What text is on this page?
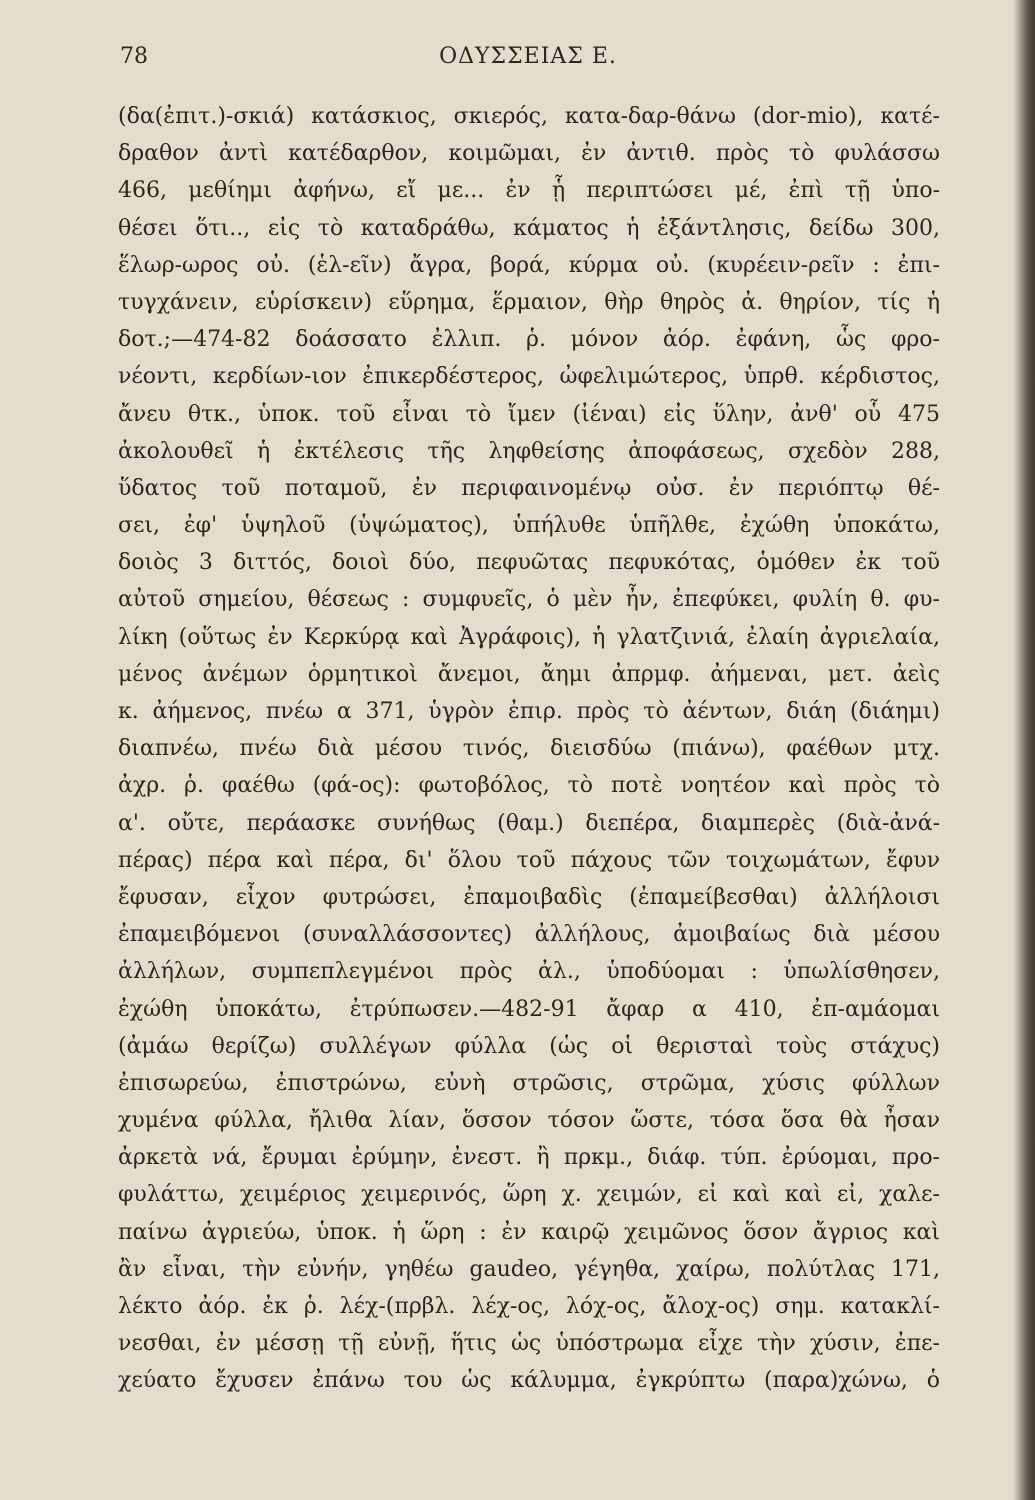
78	ΟΔΥΣΣΕΙΑΣ Ε.
(δα(ἐπιτ.)-σκιά) κατάσκιος, σκιερός, κατα-δαρ-θάνω (dor-mio), κατέ-
δραθον ἀντὶ κατέδαρθον, κοιμῶμαι, ἐν ἀντιθ. πρὸς τὸ φυλάσσω
466, μεθίημι ἀφήνω, εἴ με... ἐν ᾗ περιπτώσει μέ, ἐπὶ τῇ ὑπο-
θέσει ὅτι.., εἰς τὸ καταδράθω, κάματος ἡ ἐξάντλησις, δείδω 300,
ἕλωρ-ωρος οὐ. (ἑλ-εῖν) ἄγρα, βορά, κύρμα οὐ. (κυρέειν-ρεῖν : ἐπι-
τυγχάνειν, εὑρίσκειν) εὕρημα, ἕρμαιον, θὴρ θηρὸς ἀ. θηρίον, τίς ἡ
δοτ.;—474-82 δοάσσατο ἐλλιπ. ῥ. μόνον ἀόρ. ἐφάνη, ὧς φρο-
νέοντι, κερδίων-ιον ἐπικερδέστερος, ὠφελιμώτερος, ὑπρθ. κέρδιστος,
ἄνευ θτκ., ὑποκ. τοῦ εἶναι τὸ ἴμεν (ἰέναι) εἰς ὕλην, ἀνθ' οὗ 475
ἀκολουθεῖ ἡ ἐκτέλεσις τῆς ληφθείσης ἀποφάσεως, σχεδὸν 288,
ὕδατος τοῦ ποταμοῦ, ἐν περιφαινομένῳ οὐσ. ἐν περιόπτῳ θέ-
σει, ἐφ' ὑψηλοῦ (ὑψώματος), ὑπήλυθε ὑπῆλθε, ἐχώθη ὑποκάτω,
δοιὸς 3 διττός, δοιοὶ δύο, πεφυῶτας πεφυκότας, ὁμόθεν ἐκ τοῦ
αὐτοῦ σημείου, θέσεως : συμφυεῖς, ὁ μὲν ἦν, ἐπεφύκει, φυλίη θ. φυ-
λίκη (οὕτως ἐν Κερκύρᾳ καὶ Ἀγράφοις), ἡ γλατζινιά, ἐλαίη ἀγριελαία,
μένος ἀνέμων ὁρμητικοὶ ἄνεμοι, ἄημι ἀπρμφ. ἀήμεναι, μετ. ἀεὶς
κ. ἀήμενος, πνέω α 371, ὑγρὸν ἐπιρ. πρὸς τὸ ἀέντων, διάη (διάημι)
διαπνέω, πνέω διὰ μέσου τινός, διεισδύω (πιάνω), φαέθων μτχ.
ἀχρ. ῥ. φαέθω (φά-ος): φωτοβόλος, τὸ ποτὲ νοητέον καὶ πρὸς τὸ
α'. οὔτε, περάασκε συνήθως (θαμ.) διεπέρα, διαμπερὲς (διὰ-ἀνά-
πέρας) πέρα καὶ πέρα, δι' ὅλου τοῦ πάχους τῶν τοιχωμάτων, ἔφυν
ἔφυσαν, εἶχον φυτρώσει, ἐπαμοιβαδὶς (ἐπαμείβεσθαι) ἀλλήλοισι
ἐπαμειβόμενοι (συναλλάσσοντες) ἀλλήλους, ἀμοιβαίως διὰ μέσου
ἀλλήλων, συμπεπλεγμένοι πρὸς ἀλ., ὑποδύομαι : ὑπωλίσθησεν,
ἐχώθη ὑποκάτω, ἐτρύπωσεν.—482-91 ἄφαρ α 410, ἐπ-αμάομαι
(ἀμάω θερίζω) συλλέγων φύλλα (ὡς οἱ θερισταὶ τοὺς στάχυς)
ἐπισωρεύω, ἐπιστρώνω, εὐνὴ στρῶσις, στρῶμα, χύσις φύλλων
χυμένα φύλλα, ἤλιθα λίαν, ὅσσον τόσον ὥστε, τόσα ὅσα θὰ ἦσαν
ἀρκετὰ νά, ἔρυμαι ἐρύμην, ἐνεστ. ἢ πρκμ., διάφ. τύπ. ἐρύομαι, προ-
φυλάττω, χειμέριος χειμερινός, ὥρη χ. χειμών, εἰ καὶ καὶ εἰ, χαλε-
παίνω ἀγριεύω, ὑποκ. ἡ ὥρη : ἐν καιρῷ χειμῶνος ὅσον ἄγριος καὶ
ἂν εἶναι, τὴν εὐνήν, γηθέω gaudeo, γέγηθα, χαίρω, πολύτλας 171,
λέκτο ἀόρ. ἐκ ῥ. λέχ-(πρβλ. λέχ-ος, λόχ-ος, ἄλοχ-ος) σημ. κατακλί-
νεσθαι, ἐν μέσσῃ τῇ εὐνῇ, ἥτις ὡς ὑπόστρωμα εἶχε τὴν χύσιν, ἐπε-
χεύατο ἔχυσεν ἐπάνω του ὡς κάλυμμα, ἐγκρύπτω (παρα)χώνω, ὁ
